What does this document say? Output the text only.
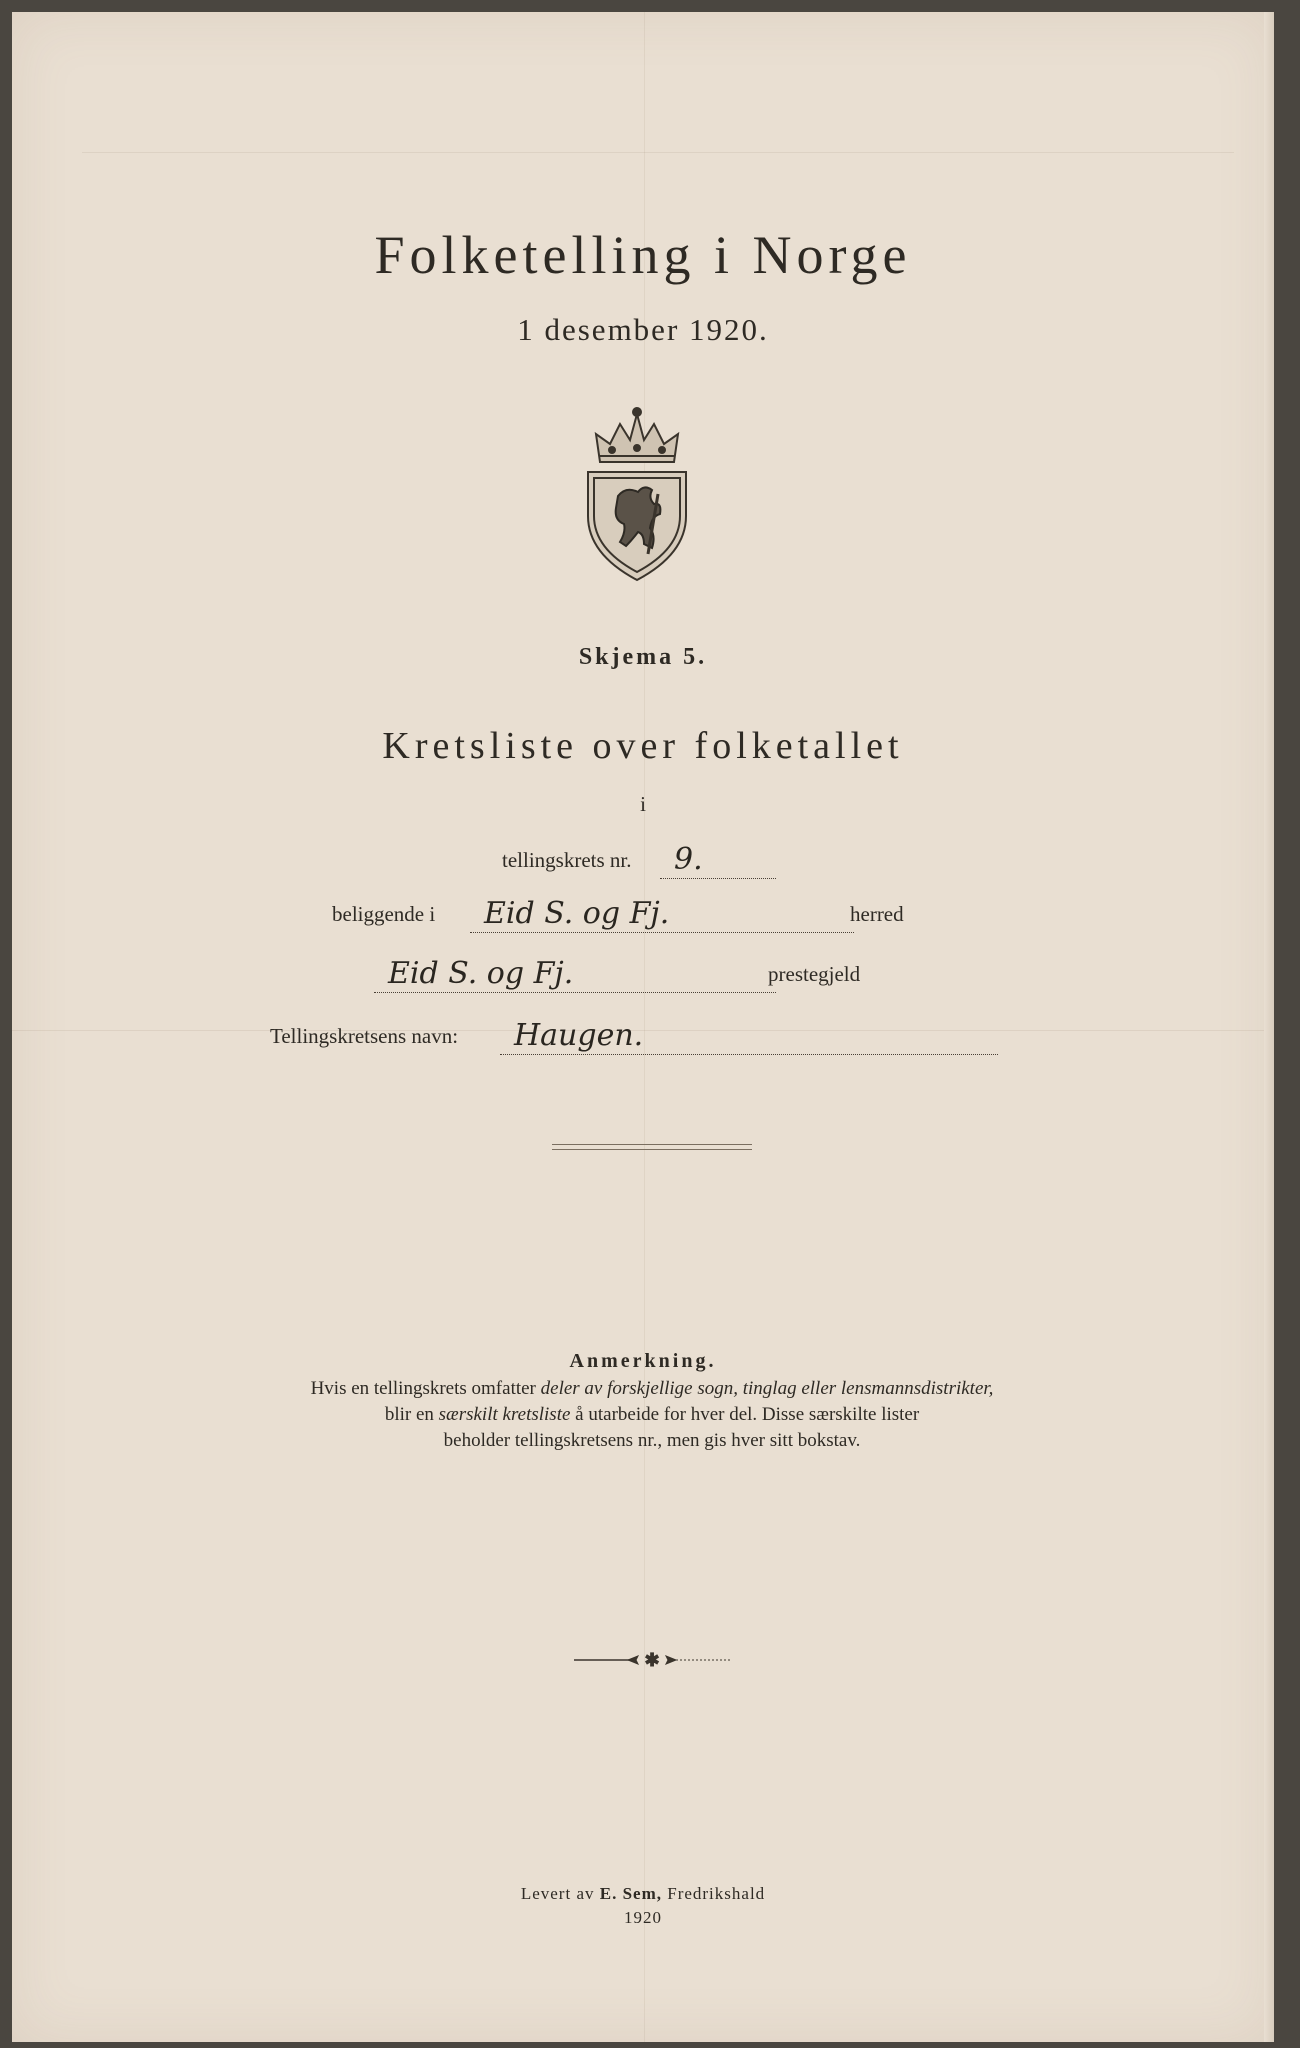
Folketelling i Norge
1 desember 1920.
Skjema 5.
Kretsliste over folketallet
i
tellingskrets nr.	9.
beliggende i	Eid S. og Fj.	herred
Eid S. og Fj.	prestegjeld
Tellingskretsens navn:	Haugen.
Anmerkning.
Hvis en tellingskrets omfatter deler av forskjellige sogn, tinglag eller lensmannsdistrikter,
blir en særskilt kretsliste å utarbeide for hver del. Disse særskilte lister
beholder tellingskretsens nr., men gis hver sitt bokstav.
✱
Levert av E. Sem, Fredrikshald
1920
